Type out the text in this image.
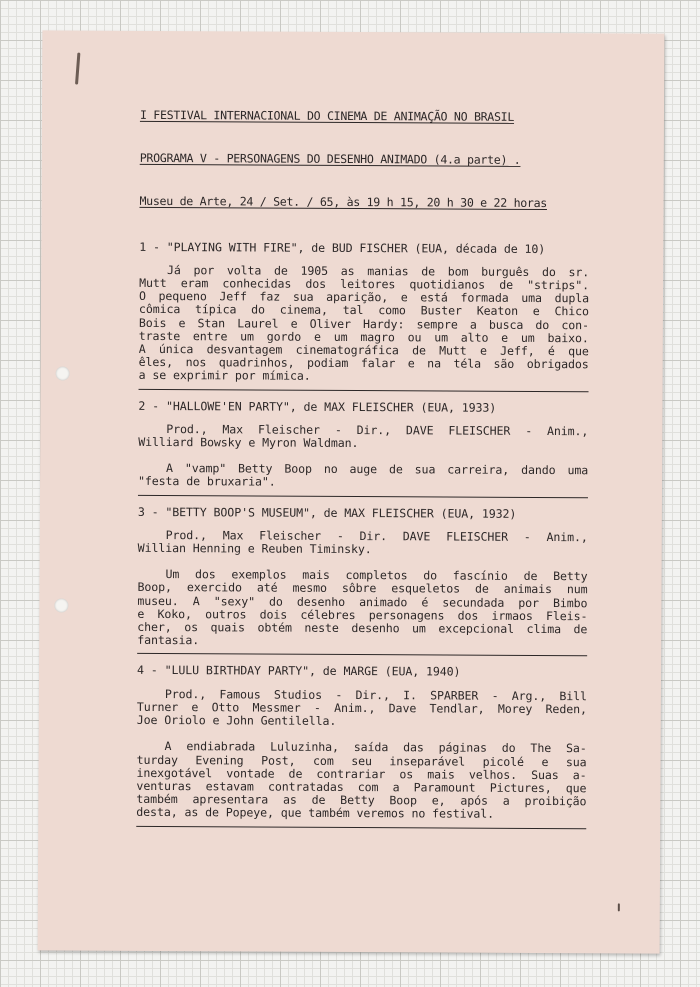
I FESTIVAL INTERNACIONAL DO CINEMA DE ANIMAÇÃO NO BRASIL
PROGRAMA V - PERSONAGENS DO DESENHO ANIMADO (4.a parte) .
Museu de Arte, 24 / Set. / 65, às 19 h 15, 20 h 30 e 22 horas
1 - "PLAYING WITH FIRE", de BUD FISCHER (EUA, década de 10)
Já por volta de 1905 as manias de bom burguês do sr.
Mutt eram conhecidas dos leitores quotidianos de "strips".
O pequeno Jeff faz sua aparição, e está formada uma dupla
cômica típica do cinema, tal como Buster Keaton e Chico
Bois e Stan Laurel e Oliver Hardy: sempre a busca do con-
traste entre um gordo e um magro ou um alto e um baixo.
A única desvantagem cinematográfica de Mutt e Jeff, é que
êles, nos quadrinhos, podiam falar e na téla são obrigados
a se exprimir por mímica.
2 - "HALLOWE'EN PARTY", de MAX FLEISCHER (EUA, 1933)
Prod., Max Fleischer - Dir., DAVE FLEISCHER - Anim.,
Williard Bowsky e Myron Waldman.
A "vamp" Betty Boop no auge de sua carreira, dando uma
"festa de bruxaria".
3 - "BETTY BOOP'S MUSEUM", de MAX FLEISCHER (EUA, 1932)
Prod., Max Fleischer - Dir. DAVE FLEISCHER - Anim.,
Willian Henning e Reuben Timinsky.
Um dos exemplos mais completos do fascínio de Betty
Boop, exercido até mesmo sôbre esqueletos de animais num
museu. A "sexy" do desenho animado é secundada por Bimbo
e Koko, outros dois célebres personagens dos irmaos Fleis-
cher, os quais obtém neste desenho um excepcional clima de
fantasia.
4 - "LULU BIRTHDAY PARTY", de MARGE (EUA, 1940)
Prod., Famous Studios - Dir., I. SPARBER - Arg., Bill
Turner e Otto Messmer - Anim., Dave Tendlar, Morey Reden,
Joe Oriolo e John Gentilella.
A endiabrada Luluzinha, saída das páginas do The Sa-
turday Evening Post, com seu inseparável picolé e sua
inexgotável vontade de contrariar os mais velhos. Suas a-
venturas estavam contratadas com a Paramount Pictures, que
também apresentara as de Betty Boop e, após a proibição
desta, as de Popeye, que também veremos no festival.
